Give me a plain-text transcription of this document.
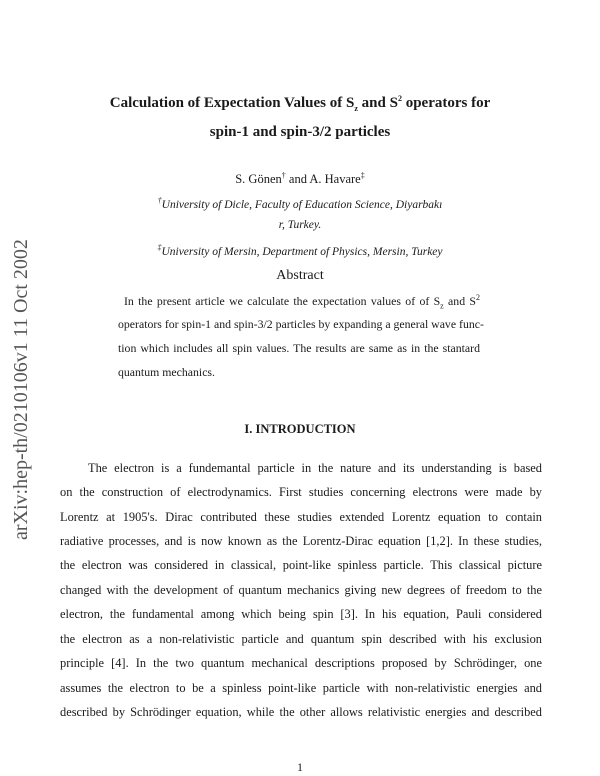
arXiv:hep-th/0210106v1 11 Oct 2002
Calculation of Expectation Values of $S_z$ and $S^2$ operators for
spin-1 and spin-3/2 particles
S. Gönen† and A. Havare‡
†University of Dicle, Faculty of Education Science, Diyarbakı
r, Turkey.
‡University of Mersin, Department of Physics, Mersin, Turkey
Abstract
In the present article we calculate the expectation values of of $S_z$ and $S^2$
operators for spin-1 and spin-3/2 particles by expanding a general wave func-
tion which includes all spin values. The results are same as in the stantard
quantum mechanics.
I. INTRODUCTION
The electron is a fundemantal particle in the nature and its understanding is based
on the construction of electrodynamics. First studies concerning electrons were made by
Lorentz at 1905's. Dirac contributed these studies extended Lorentz equation to contain
radiative processes, and is now known as the Lorentz-Dirac equation [1,2]. In these studies,
the electron was considered in classical, point-like spinless particle. This classical picture
changed with the development of quantum mechanics giving new degrees of freedom to the
electron, the fundamental among which being spin [3]. In his equation, Pauli considered
the electron as a non-relativistic particle and quantum spin described with his exclusion
principle [4]. In the two quantum mechanical descriptions proposed by Schrödinger, one
assumes the electron to be a spinless point-like particle with non-relativistic energies and
described by Schrödinger equation, while the other allows relativistic energies and described
1
